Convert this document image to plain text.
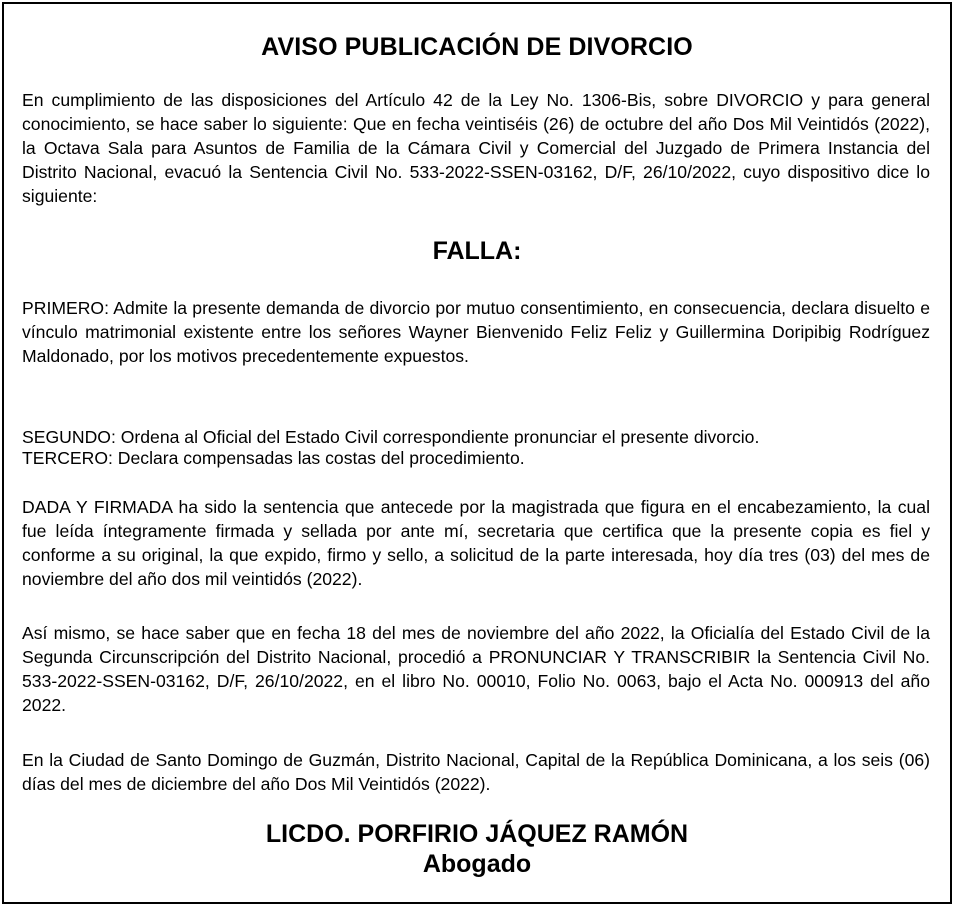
AVISO PUBLICACIÓN DE DIVORCIO

En cumplimiento de las disposiciones del Artículo 42 de la Ley No. 1306-Bis, sobre DIVORCIO y para general conocimiento, se hace saber lo siguiente: Que en fecha veintiséis (26) de octubre del año Dos Mil Veintidós (2022), la Octava Sala para Asuntos de Familia de la Cámara Civil y Comercial del Juzgado de Primera Instancia del Distrito Nacional, evacuó la Sentencia Civil No. 533-2022-SSEN-03162, D/F, 26/10/2022, cuyo dispositivo dice lo siguiente:

FALLA:

PRIMERO: Admite la presente demanda de divorcio por mutuo consentimiento, en consecuencia, declara disuelto e vínculo matrimonial existente entre los señores Wayner Bienvenido Feliz Feliz y Guillermina Doripibig Rodríguez Maldonado, por los motivos precedentemente expuestos.

SEGUNDO: Ordena al Oficial del Estado Civil correspondiente pronunciar el presente divorcio.

TERCERO: Declara compensadas las costas del procedimiento.

DADA Y FIRMADA ha sido la sentencia que antecede por la magistrada que figura en el encabezamiento, la cual fue leída íntegramente firmada y sellada por ante mí, secretaria que certifica que la presente copia es fiel y conforme a su original, la que expido, firmo y sello, a solicitud de la parte interesada, hoy día tres (03) del mes de noviembre del año dos mil veintidós (2022).

Así mismo, se hace saber que en fecha 18 del mes de noviembre del año 2022, la Oficialía del Estado Civil de la Segunda Circunscripción del Distrito Nacional, procedió a PRONUNCIAR Y TRANSCRIBIR la Sentencia Civil No. 533-2022-SSEN-03162, D/F, 26/10/2022, en el libro No. 00010, Folio No. 0063, bajo el Acta No. 000913 del año 2022.

En la Ciudad de Santo Domingo de Guzmán, Distrito Nacional, Capital de la República Dominicana, a los seis (06) días del mes de diciembre del año Dos Mil Veintidós (2022).

LICDO. PORFIRIO JÁQUEZ RAMÓN
Abogado
